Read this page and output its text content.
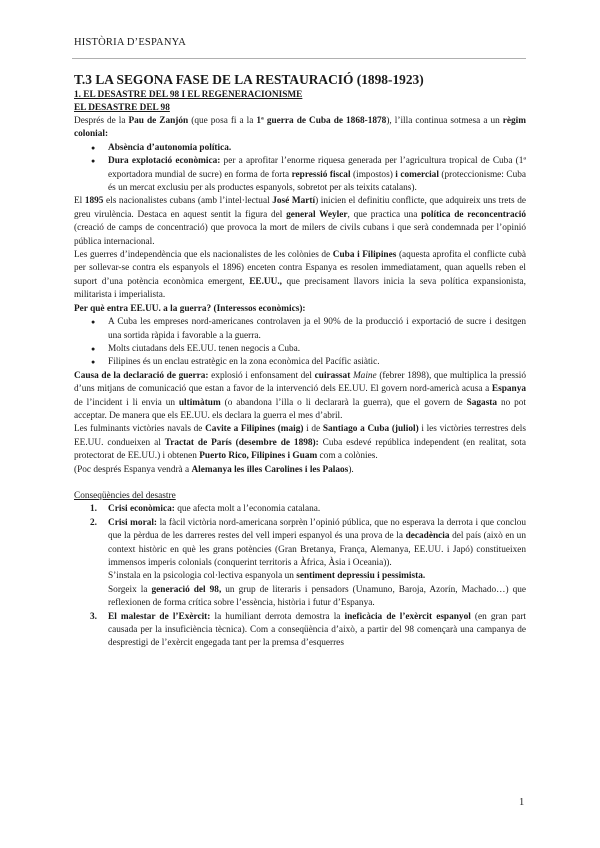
HISTÒRIA D’ESPANYA
T.3 LA SEGONA FASE DE LA RESTAURACIÓ (1898-1923)
1. EL DESASTRE DEL 98 I EL REGENERACIONISME
EL DESASTRE DEL 98

Després de la Pau de Zanjón (que posa fi a la 1ª guerra de Cuba de 1868-1878), l’illa continua sotmesa a un règim colonial:

● Absència d’autonomia política.
● Dura explotació econòmica: per a aprofitar l’enorme riquesa generada per l’agricultura tropical de Cuba (1ª exportadora mundial de sucre) en forma de forta repressió fiscal (impostos) i comercial (proteccionisme: Cuba és un mercat exclusiu per als productes espanyols, sobretot per als teixits catalans).

El 1895 els nacionalistes cubans (amb l’intel·lectual José Martí) inicien el definitiu conflicte, que adquireix uns trets de greu virulència. Destaca en aquest sentit la figura del general Weyler, que practica una política de reconcentració (creació de camps de concentració) que provoca la mort de milers de civils cubans i que serà condemnada per l’opinió pública internacional.

Les guerres d’independència que els nacionalistes de les colònies de Cuba i Filipines (aquesta aprofita el conflicte cubà per sollevar-se contra els espanyols el 1896) enceten contra Espanya es resolen immediatament, quan aquells reben el suport d’una potència econòmica emergent, EE.UU., que precisament llavors inicia la seva política expansionista, militarista i imperialista.

Per què entra EE.UU. a la guerra? (Interessos econòmics):

● A Cuba les empreses nord-americanes controlaven ja el 90% de la producció i exportació de sucre i desitgen una sortida ràpida i favorable a la guerra.
● Molts ciutadans dels EE.UU. tenen negocis a Cuba.
● Filipines és un enclau estratègic en la zona econòmica del Pacífic asiàtic.

Causa de la declaració de guerra: explosió i enfonsament del cuirassat Maine (febrer 1898), que multiplica la pressió d’uns mitjans de comunicació que estan a favor de la intervenció dels EE.UU. El govern nord-americà acusa a Espanya de l’incident i li envia un ultimàtum (o abandona l’illa o li declararà la guerra), que el govern de Sagasta no pot acceptar. De manera que els EE.UU. els declara la guerra el mes d’abril.

Les fulminants victòries navals de Cavite a Filipines (maig) i de Santiago a Cuba (juliol) i les victòries terrestres dels EE.UU. condueixen al Tractat de París (desembre de 1898): Cuba esdevé república independent (en realitat, sota protectorat de EE.UU.) i obtenen Puerto Rico, Filipines i Guam com a colònies.

(Poc després Espanya vendrà a Alemanya les illes Carolines i les Palaos).

Conseqüències del desastre

1. Crisi econòmica: que afecta molt a l’economia catalana.
2. Crisi moral: la fàcil victòria nord-americana sorprèn l’opinió pública, que no esperava la derrota i que conclou que la pèrdua de les darreres restes del vell imperi espanyol és una prova de la decadència del país (això en un context històric en què les grans potències (Gran Bretanya, França, Alemanya, EE.UU. i Japó) constitueixen immensos imperis colonials (conquerint territoris a Àfrica, Àsia i Oceania)).
S’instala en la psicologia col·lectiva espanyola un sentiment depressiu i pessimista.
Sorgeix la generació del 98, un grup de literaris i pensadors (Unamuno, Baroja, Azorín, Machado…) que reflexionen de forma crítica sobre l’essència, història i futur d’Espanya.
3. El malestar de l’Exèrcit: la humiliant derrota demostra la ineficàcia de l’exèrcit espanyol (en gran part causada per la insuficiència tècnica). Com a conseqüència d’això, a partir del 98 començarà una campanya de desprestigi de l’exèrcit engegada tant per la premsa d’esquerres
1
